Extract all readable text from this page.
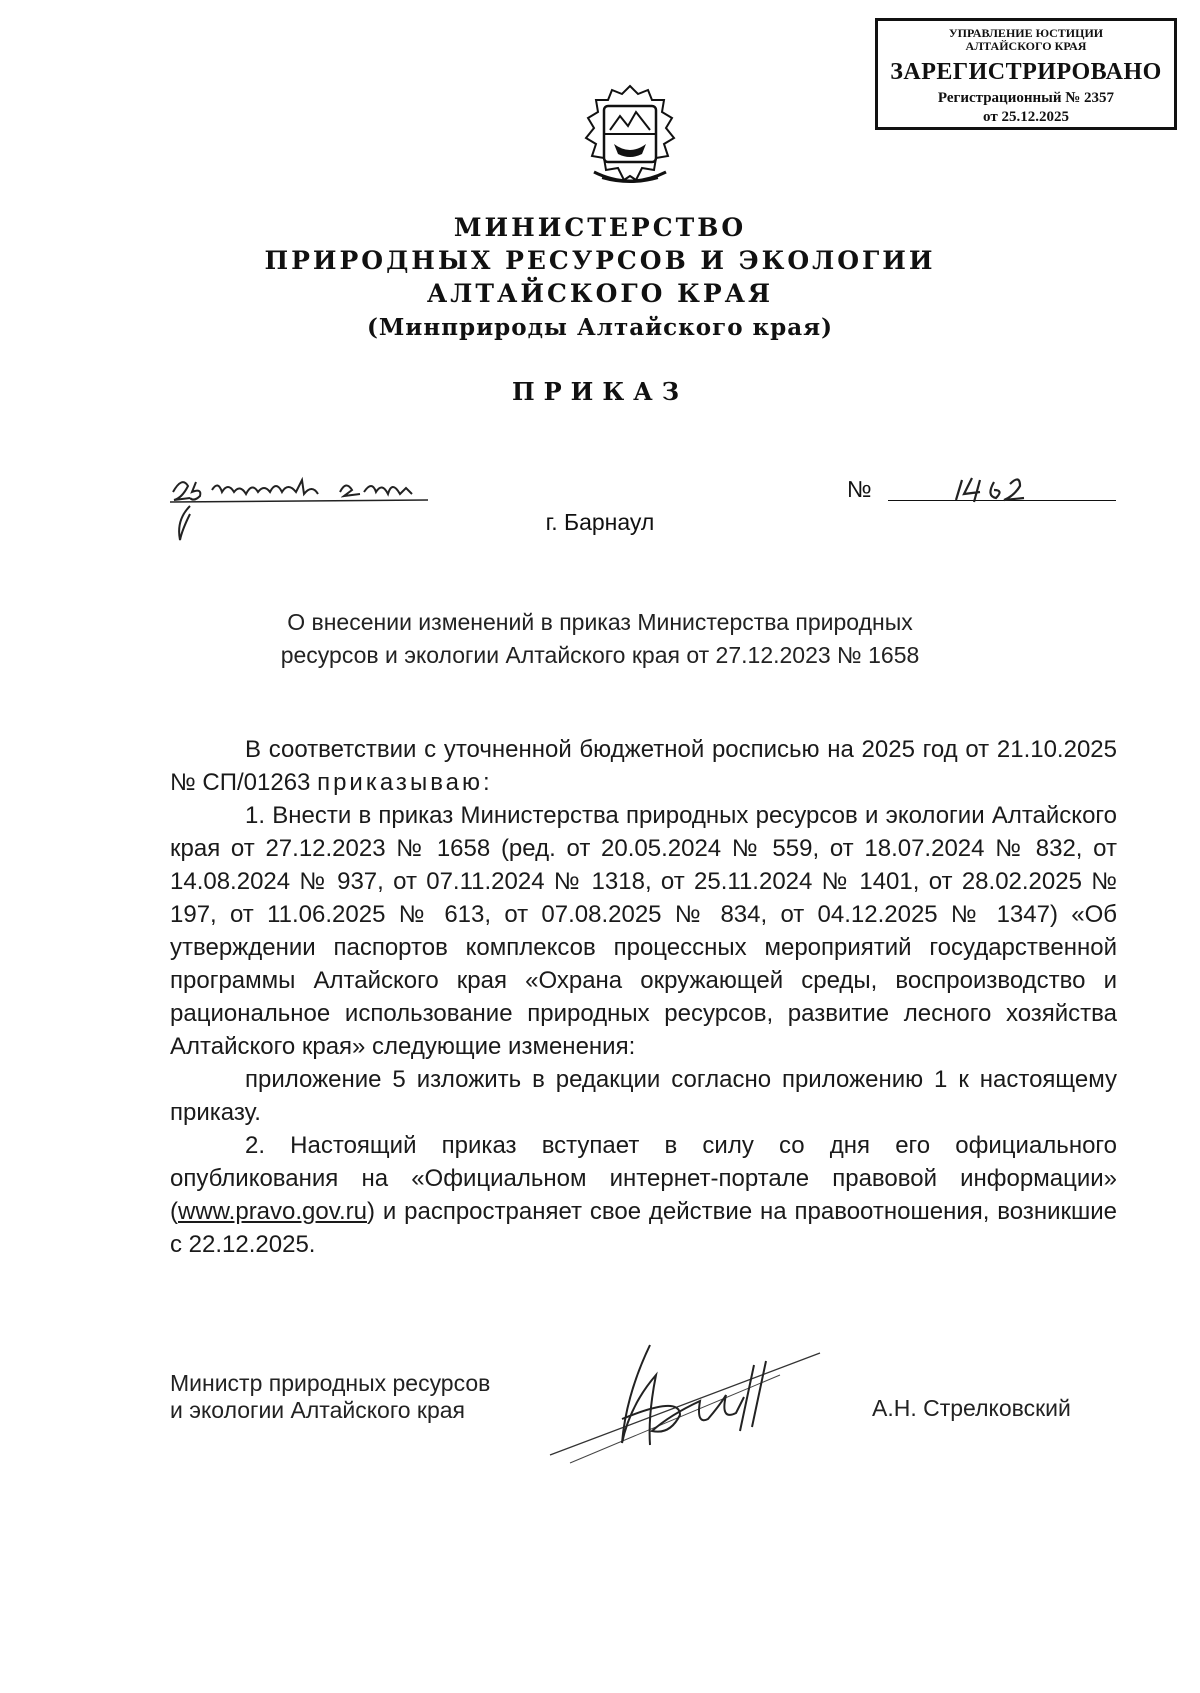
УПРАВЛЕНИЕ ЮСТИЦИИ
АЛТАЙСКОГО КРАЯ
ЗАРЕГИСТРИРОВАНО
Регистрационный № 2357
от 25.12.2025
МИНИСТЕРСТВО
ПРИРОДНЫХ РЕСУРСОВ И ЭКОЛОГИИ
АЛТАЙСКОГО КРАЯ
(Минприроды Алтайского края)
ПРИКАЗ
г. Барнаул
№
О внесении изменений в приказ Министерства природных
ресурсов и экологии Алтайского края от 27.12.2023 № 1658

В соответствии с уточненной бюджетной росписью на 2025 год от 21.10.2025 № СП/01263 приказываю:

1. Внести в приказ Министерства природных ресурсов и экологии Алтайского края от 27.12.2023 № 1658 (ред. от 20.05.2024 № 559, от 18.07.2024 № 832, от 14.08.2024 № 937, от 07.11.2024 № 1318, от 25.11.2024 № 1401, от 28.02.2025 № 197, от 11.06.2025 № 613, от 07.08.2025 № 834, от 04.12.2025 № 1347) «Об утверждении паспортов комплексов процессных мероприятий государственной программы Алтайского края «Охрана окружающей среды, воспроизводство и рациональное использование природных ресурсов, развитие лесного хозяйства Алтайского края» следующие изменения:

приложение 5 изложить в редакции согласно приложению 1 к настоящему приказу.

2. Настоящий приказ вступает в силу со дня его официального опубликования на «Официальном интернет-портале правовой информации» (www.pravo.gov.ru) и распространяет свое действие на правоотношения, возникшие с 22.12.2025.

Министр природных ресурсов
и экологии Алтайского края	А.Н. Стрелковский
